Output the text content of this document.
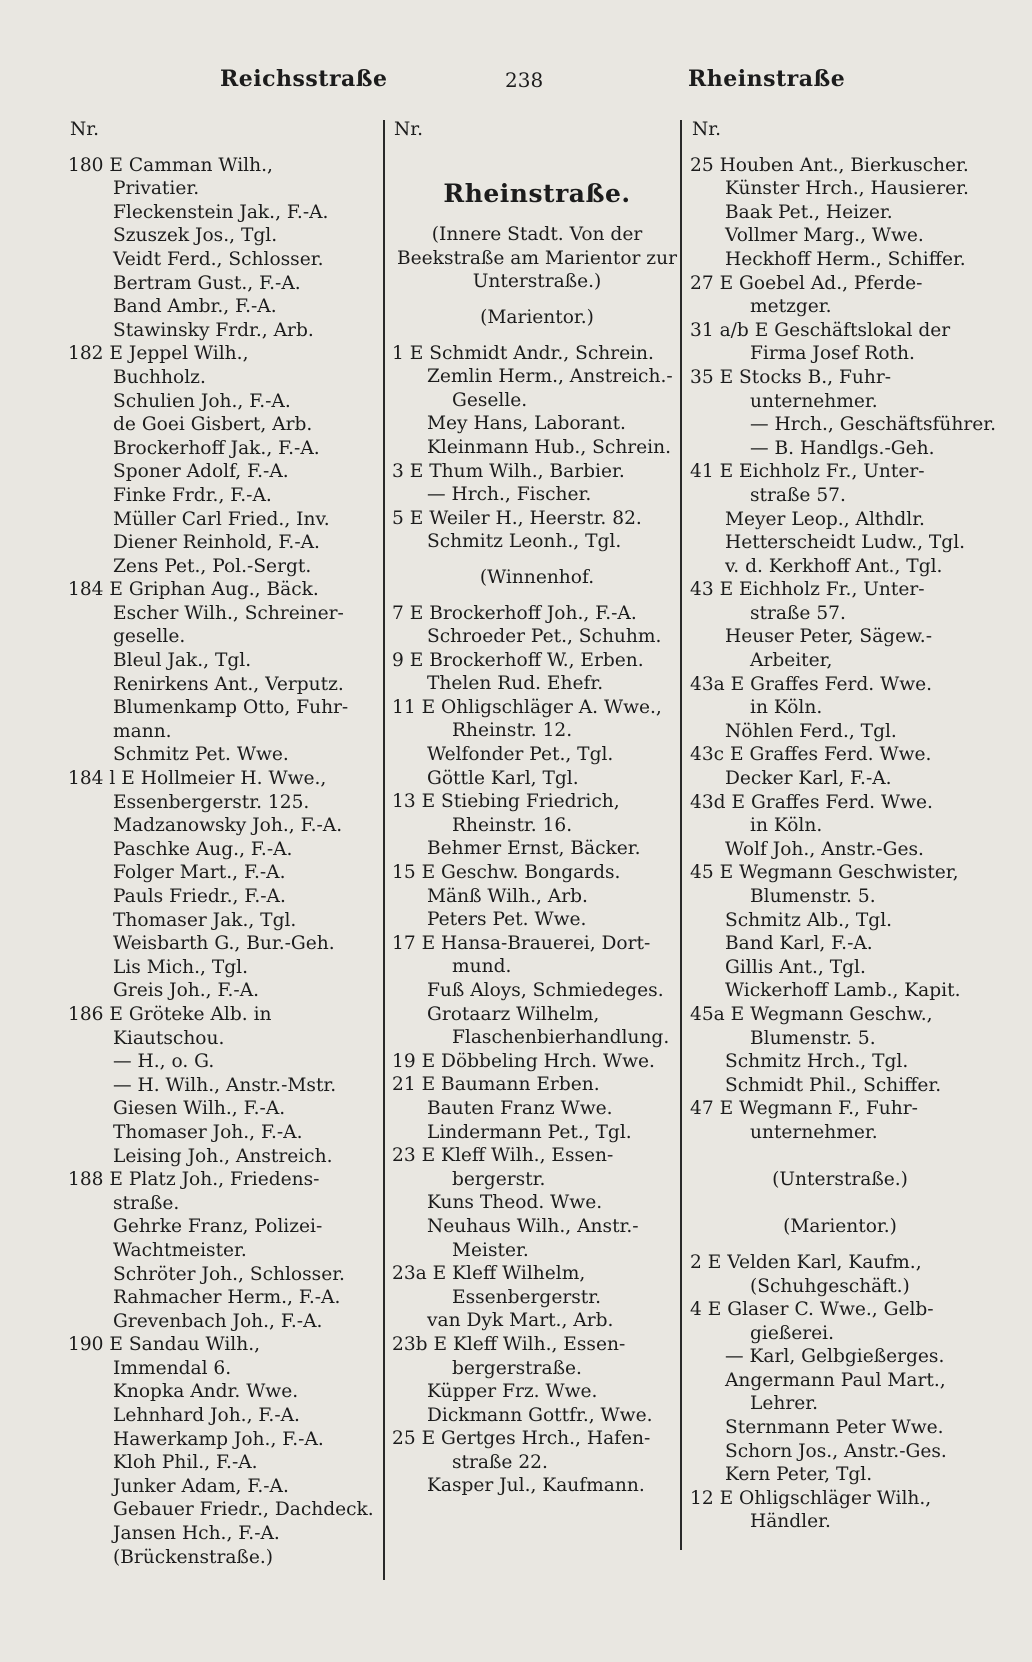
Reichsstraße	238	Rheinstraße
Nr.
180 E Camman Wilh.,
Privatier.
Fleckenstein Jak., F.-A.
Szuszek Jos., Tgl.
Veidt Ferd., Schlosser.
Bertram Gust., F.-A.
Band Ambr., F.-A.
Stawinsky Frdr., Arb.
182 E Jeppel Wilh.,
Buchholz.
Schulien Joh., F.-A.
de Goei Gisbert, Arb.
Brockerhoff Jak., F.-A.
Sponer Adolf, F.-A.
Finke Frdr., F.-A.
Müller Carl Fried., Inv.
Diener Reinhold, F.-A.
Zens Pet., Pol.-Sergt.
184 E Griphan Aug., Bäck.
Escher Wilh., Schreiner-
geselle.
Bleul Jak., Tgl.
Renirkens Ant., Verputz.
Blumenkamp Otto, Fuhr-
mann.
Schmitz Pet. Wwe.
184 l E Hollmeier H. Wwe.,
Essenbergerstr. 125.
Madzanowsky Joh., F.-A.
Paschke Aug., F.-A.
Folger Mart., F.-A.
Pauls Friedr., F.-A.
Thomaser Jak., Tgl.
Weisbarth G., Bur.-Geh.
Lis Mich., Tgl.
Greis Joh., F.-A.
186 E Gröteke Alb. in
Kiautschou.
— H., o. G.
— H. Wilh., Anstr.-Mstr.
Giesen Wilh., F.-A.
Thomaser Joh., F.-A.
Leising Joh., Anstreich.
188 E Platz Joh., Friedens-
straße.
Gehrke Franz, Polizei-
Wachtmeister.
Schröter Joh., Schlosser.
Rahmacher Herm., F.-A.
Grevenbach Joh., F.-A.
190 E Sandau Wilh.,
Immendal 6.
Knopka Andr. Wwe.
Lehnhard Joh., F.-A.
Hawerkamp Joh., F.-A.
Kloh Phil., F.-A.
Junker Adam, F.-A.
Gebauer Friedr., Dachdeck.
Jansen Hch., F.-A.
(Brückenstraße.)
Nr.
Rheinstraße.
(Innere Stadt. Von der
Beekstraße am Marientor zur
Unterstraße.)
(Marientor.)
1 E Schmidt Andr., Schrein.
Zemlin Herm., Anstreich.-
Geselle.
Mey Hans, Laborant.
Kleinmann Hub., Schrein.
3 E Thum Wilh., Barbier.
— Hrch., Fischer.
5 E Weiler H., Heerstr. 82.
Schmitz Leonh., Tgl.
(Winnenhof.
7 E Brockerhoff Joh., F.-A.
Schroeder Pet., Schuhm.
9 E Brockerhoff W., Erben.
Thelen Rud. Ehefr.
11 E Ohligschläger A. Wwe.,
Rheinstr. 12.
Welfonder Pet., Tgl.
Göttle Karl, Tgl.
13 E Stiebing Friedrich,
Rheinstr. 16.
Behmer Ernst, Bäcker.
15 E Geschw. Bongards.
Mänß Wilh., Arb.
Peters Pet. Wwe.
17 E Hansa-Brauerei, Dort-
mund.
Fuß Aloys, Schmiedeges.
Grotaarz Wilhelm,
Flaschenbierhandlung.
19 E Döbbeling Hrch. Wwe.
21 E Baumann Erben.
Bauten Franz Wwe.
Lindermann Pet., Tgl.
23 E Kleff Wilh., Essen-
bergerstr.
Kuns Theod. Wwe.
Neuhaus Wilh., Anstr.-
Meister.
23a E Kleff Wilhelm,
Essenbergerstr.
van Dyk Mart., Arb.
23b E Kleff Wilh., Essen-
bergerstraße.
Küpper Frz. Wwe.
Dickmann Gottfr., Wwe.
25 E Gertges Hrch., Hafen-
straße 22.
Kasper Jul., Kaufmann.
Nr.
25 Houben Ant., Bierkuscher.
Künster Hrch., Hausierer.
Baak Pet., Heizer.
Vollmer Marg., Wwe.
Heckhoff Herm., Schiffer.
27 E Goebel Ad., Pferde-
metzger.
31 a/b E Geschäftslokal der
Firma Josef Roth.
35 E Stocks B., Fuhr-
unternehmer.
— Hrch., Geschäftsführer.
— B. Handlgs.-Geh.
41 E Eichholz Fr., Unter-
straße 57.
Meyer Leop., Althdlr.
Hetterscheidt Ludw., Tgl.
v. d. Kerkhoff Ant., Tgl.
43 E Eichholz Fr., Unter-
straße 57.
Heuser Peter, Sägew.-
Arbeiter,
43a E Graffes Ferd. Wwe.
in Köln.
Nöhlen Ferd., Tgl.
43c E Graffes Ferd. Wwe.
Decker Karl, F.-A.
43d E Graffes Ferd. Wwe.
in Köln.
Wolf Joh., Anstr.-Ges.
45 E Wegmann Geschwister,
Blumenstr. 5.
Schmitz Alb., Tgl.
Band Karl, F.-A.
Gillis Ant., Tgl.
Wickerhoff Lamb., Kapit.
45a E Wegmann Geschw.,
Blumenstr. 5.
Schmitz Hrch., Tgl.
Schmidt Phil., Schiffer.
47 E Wegmann F., Fuhr-
unternehmer.
(Unterstraße.)
(Marientor.)
2 E Velden Karl, Kaufm.,
(Schuhgeschäft.)
4 E Glaser C. Wwe., Gelb-
gießerei.
— Karl, Gelbgießerges.
Angermann Paul Mart.,
Lehrer.
Sternmann Peter Wwe.
Schorn Jos., Anstr.-Ges.
Kern Peter, Tgl.
12 E Ohligschläger Wilh.,
Händler.
